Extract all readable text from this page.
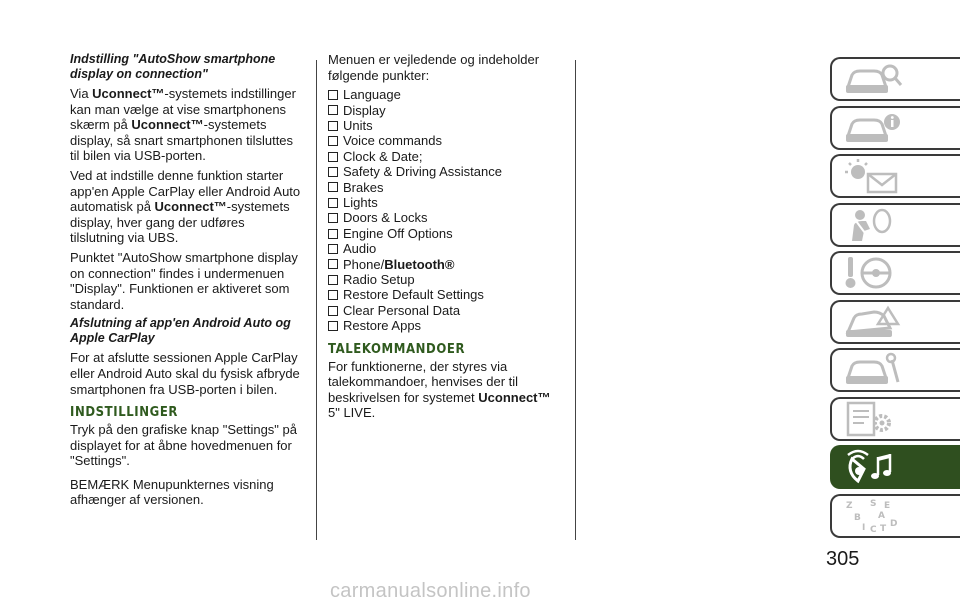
Indstilling "AutoShow smartphone display on connection"

Via Uconnect™-systemets indstillinger kan man vælge at vise smartphonens skærm på Uconnect™-systemets display, så snart smartphonen tilsluttes til bilen via USB-porten.

Ved at indstille denne funktion starter app'en Apple CarPlay eller Android Auto automatisk på Uconnect™-systemets display, hver gang der udføres tilslutning via UBS.

Punktet "AutoShow smartphone display on connection" findes i undermenuen "Display". Funktionen er aktiveret som standard.

Afslutning af app'en Android Auto og Apple CarPlay

For at afslutte sessionen Apple CarPlay eller Android Auto skal du fysisk afbryde smartphonen fra USB-porten i bilen.

INDSTILLINGER

Tryk på den grafiske knap "Settings" på displayet for at åbne hovedmenuen for "Settings".

BEMÆRK Menupunkternes visning afhænger af versionen.

Menuen er vejledende og indeholder følgende punkter:

Language
Display
Units
Voice commands
Clock & Date;
Safety & Driving Assistance
Brakes
Lights
Doors & Locks
Engine Off Options
Audio
Phone/ Bluetooth®
Radio Setup
Restore Default Settings
Clear Personal Data
Restore Apps
TALEKOMMANDOER

For funktionerne, der styres via talekommandoer, henvises der til beskrivelsen for systemet Uconnect™ 5" LIVE.

Z S E
B A
I C T D
305
carmanualsonline.info
